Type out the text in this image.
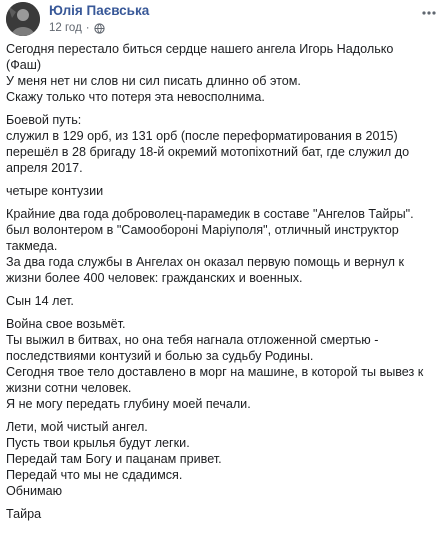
Юлія Паєвська
12 год ·
Сегодня перестало биться сердце нашего ангела Игорь Надолько
(Фаш)
У меня нет ни слов ни сил писать длинно об этом.
Скажу только что потеря эта невосполнима.
Боевой путь:
служил в 129 орб, из 131 орб (после переформатирования в 2015)
перешёл в 28 бригаду 18-й окремий мотопіхотний бат, где служил до
апреля 2017.
четыре контузии
Крайние два года доброволец-парамедик в составе "Ангелов Тайры".
был волонтером в "Самообороні Маріуполя", отличный инструктор
такмеда.
За два года службы в Ангелах он оказал первую помощь и вернул к
жизни более 400 человек: гражданских и военных.
Сын 14 лет.
Война свое возьмёт.
Ты выжил в битвах, но она тебя нагнала отложенной смертью -
последствиями контузий и болью за судьбу Родины.
Сегодня твое тело доставлено в морг на машине, в которой ты вывез к
жизни сотни человек.
Я не могу передать глубину моей печали.
Лети, мой чистый ангел.
Пусть твои крылья будут легки.
Передай там Богу и пацанам привет.
Передай что мы не сдадимся.
Обнимаю
Тайра
